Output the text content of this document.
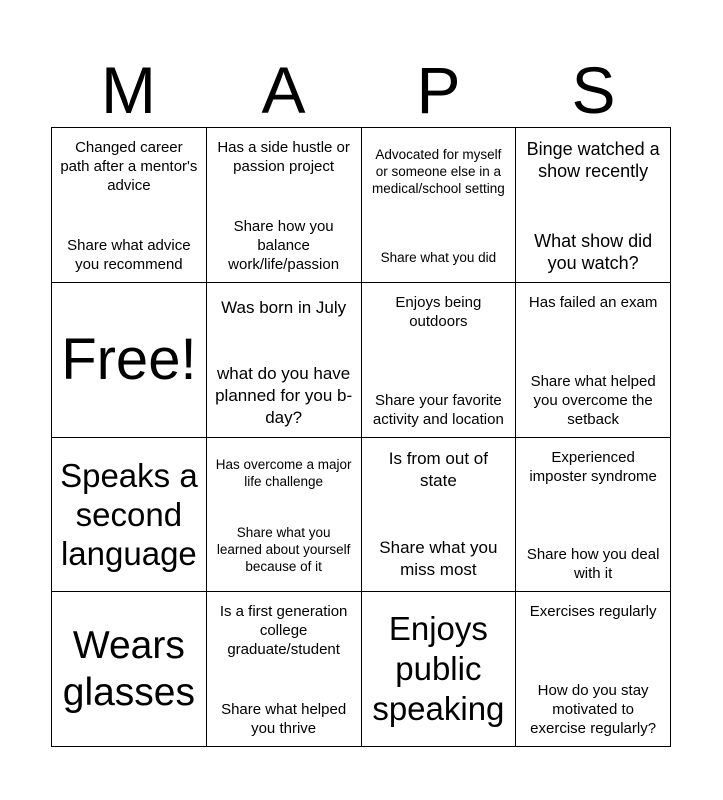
M	A	P	S
Changed career path after a mentor's advice
Share what advice you recommend
Has a side hustle or passion project
Share how you balance work/life/passion
Advocated for myself or someone else in a medical/school setting
Share what you did
Binge watched a show recently
What show did you watch?
Free!
Was born in July
what do you have planned for you b-day?
Enjoys being outdoors
Share your favorite activity and location
Has failed an exam
Share what helped you overcome the setback
Speaks a second language
Has overcome a major life challenge
Share what you learned about yourself because of it
Is from out of state
Share what you miss most
Experienced imposter syndrome
Share how you deal with it
Wears glasses
Is a first generation college graduate/student
Share what helped you thrive
Enjoys public speaking
Exercises regularly
How do you stay motivated to exercise regularly?
